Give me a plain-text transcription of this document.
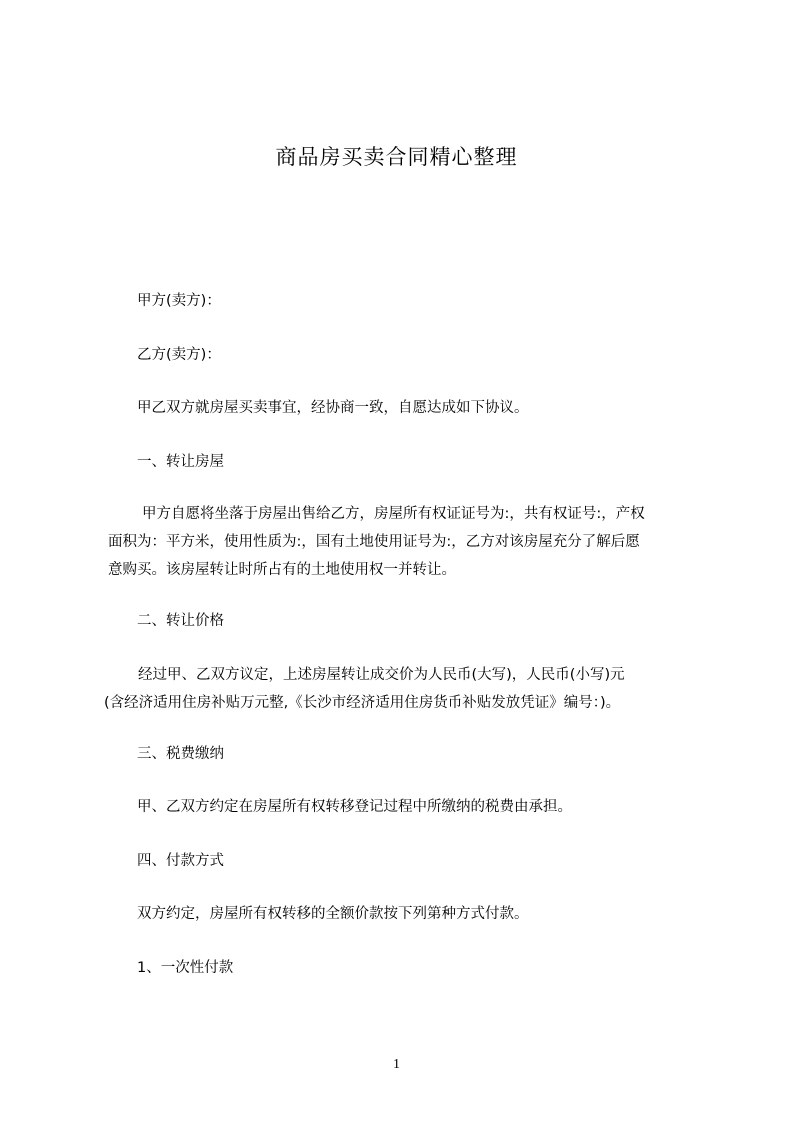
商品房买卖合同精心整理
甲方(卖方)：
乙方(卖方)：
甲乙双方就房屋买卖事宜，经协商一致，自愿达成如下协议。
一、转让房屋
甲方自愿将坐落于房屋出售给乙方，房屋所有权证证号为:，共有权证号:，产权
面积为：平方米，使用性质为:，国有土地使用证号为:，乙方对该房屋充分了解后愿
意购买。该房屋转让时所占有的土地使用权一并转让。
二、转让价格
经过甲、乙双方议定，上述房屋转让成交价为人民币(大写)，人民币(小写)元
(含经济适用住房补贴万元整,《长沙市经济适用住房货币补贴发放凭证》编号：)。
三、税费缴纳
甲、乙双方约定在房屋所有权转移登记过程中所缴纳的税费由承担。
四、付款方式
双方约定，房屋所有权转移的全额价款按下列第种方式付款。
1、一次性付款
1
